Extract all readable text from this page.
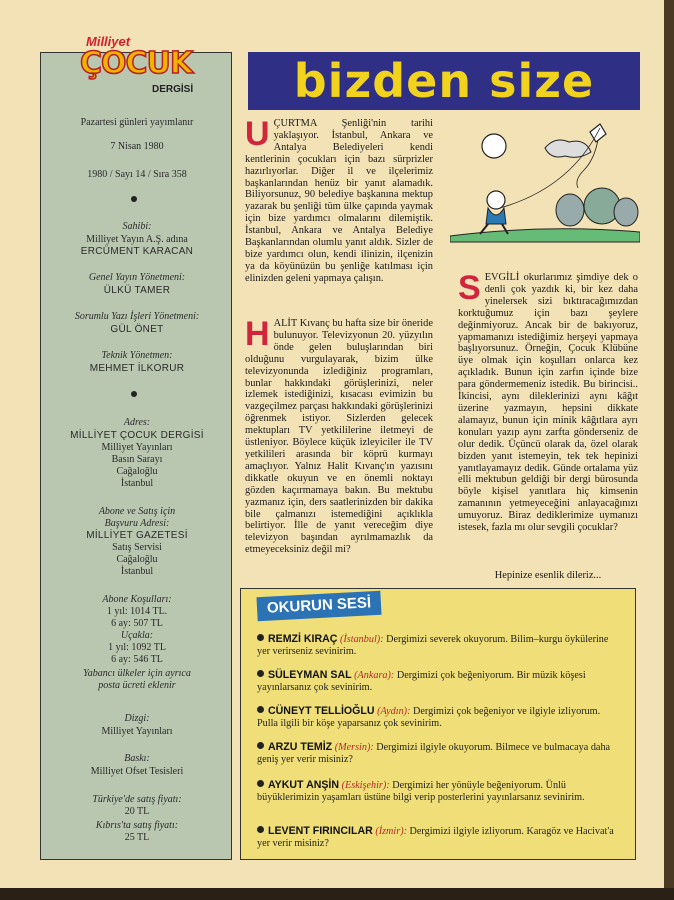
Pazartesi günleri yayımlanır
7 Nisan 1980
1980 / Sayı 14 / Sıra 358
Sahibi:
Milliyet Yayın A.Ş. adına
ERCÜMENT KARACAN
Genel Yayın Yönetmeni:
ÜLKÜ TAMER
Sorumlu Yazı İşleri Yönetmeni:
GÜL ÖNET
Teknik Yönetmen:
MEHMET İLKORUR
Adres:
MİLLİYET ÇOCUK DERGİSİ
Milliyet Yayınları
Basın Sarayı
Cağaloğlu
İstanbul
Abone ve Satış için
Başvuru Adresi:
MİLLİYET GAZETESİ
Satış Servisi
Cağaloğlu
İstanbul
Abone Koşulları:
1 yıl: 1014 TL.
6 ay: 507 TL
Uçakla:
1 yıl: 1092 TL
6 ay: 546 TL
Yabancı ülkeler için ayrıca
posta ücreti eklenir
Dizgi:
Milliyet Yayınları
Baskı:
Milliyet Ofset Tesisleri
Türkiye'de satış fiyatı:
20 TL
Kıbrıs'ta satış fiyatı:
25 TL
Milliyet
ÇOCUK
DERGİSİ	bizden size
UÇURTMA Şenliği'nin tarihi yaklaşıyor. İstanbul, Ankara ve Antalya Belediyeleri kendi kentlerinin çocukları için bazı sürprizler hazırlıyorlar. Diğer il ve ilçelerimiz başkanlarından henüz bir yanıt alamadık. Biliyorsunuz, 90 belediye başkanına mektup yazarak bu şenliği tüm ülke çapında yaymak için bize yardımcı olmalarını dilemiştik. İstanbul, Ankara ve Antalya Belediye Başkanlarından olumlu yanıt aldık. Sizler de bize yardımcı olun, kendi ilinizin, ilçenizin ya da köyünüzün bu şenliğe katılması için elinizden geleni yapmaya çalışın.
HALİT Kıvanç bu hafta size bir öneride bulunuyor. Televizyonun 20. yüzyılın önde gelen buluşlarından biri olduğunu vurgulayarak, bizim ülke televizyonunda izlediğiniz programları, bunlar hakkındaki görüşlerinizi, neler izlemek istediğinizi, kısacası evimizin bu vazgeçilmez parçası hakkındaki görüşlerinizi öğrenmek istiyor. Sizlerden gelecek mektupları TV yetkililerine iletmeyi de üstleniyor. Böylece küçük izleyiciler ile TV yetkilileri arasında bir köprü kurmayı amaçlıyor. Yalnız Halit Kıvanç'ın yazısını dikkatle okuyun ve en önemli noktayı gözden kaçırmamaya bakın. Bu mektubu yazmanız için, ders saatlerinizden bir dakika bile çalmanızı istemediğini açıklıkla belirtiyor. İlle de yanıt vereceğim diye televizyon başından ayrılmamazlık da etmeyeceksiniz değil mi?
SEVGİLİ okurlarımız şimdiye dek o denli çok yazdık ki, bir kez daha yinelersek sizi bıktıracağımızdan korktuğumuz için bazı şeylere değinmiyoruz. Ancak bir de bakıyoruz, yapmamanızı istediğimiz herşeyi yapmaya başlıyorsunuz. Örneğin, Çocuk Klübüne üye olmak için koşulları onlarca kez açıkladık. Bunun için zarfın içinde bize para göndermemeniz istedik. Bu birincisi.. İkincisi, aynı dileklerinizi aynı kâğıt üzerine yazmayın, hepsini dikkate alamayız, bunun için minik kâğıtlara ayrı konuları yazıp aynı zarfta gönderseniz de olur dedik. Üçüncü olarak da, özel olarak bizden yanıt istemeyin, tek tek hepinizi yanıtlayamayız dedik. Günde ortalama yüz elli mektubun geldiği bir dergi bürosunda böyle kişisel yanıtlara hiç kimsenin zamanının yetmeyeceğini anlayacağınızı umuyoruz. Biraz dediklerimize uymanızı istesek, fazla mı olur sevgili çocuklar?
Hepinize esenlik dileriz...
OKURUN SESİ
REMZİ KIRAÇ (İstanbul): Dergimizi severek okuyorum. Bilim–kurgu öykülerine yer verirseniz sevinirim.
SÜLEYMAN SAL (Ankara): Dergimizi çok beğeniyorum. Bir müzik köşesi yayınlarsanız çok sevinirim.
CÜNEYT TELLİOĞLU (Aydın): Dergimizi çok beğeniyor ve ilgiyle izliyorum. Pulla ilgili bir köşe yaparsanız çok sevinirim.
ARZU TEMİZ (Mersin): Dergimizi ilgiyle okuyorum. Bilmece ve bulmacaya daha geniş yer verir misiniz?
AYKUT ANŞİN (Eskişehir): Dergimizi her yönüyle beğeniyorum. Ünlü büyüklerimizin yaşamları üstüne bilgi verip posterlerini yayınlarsanız sevinirim.
LEVENT FIRINCILAR (İzmir): Dergimizi ilgiyle izliyorum. Karagöz ve Hacivat'a yer verir misiniz?
